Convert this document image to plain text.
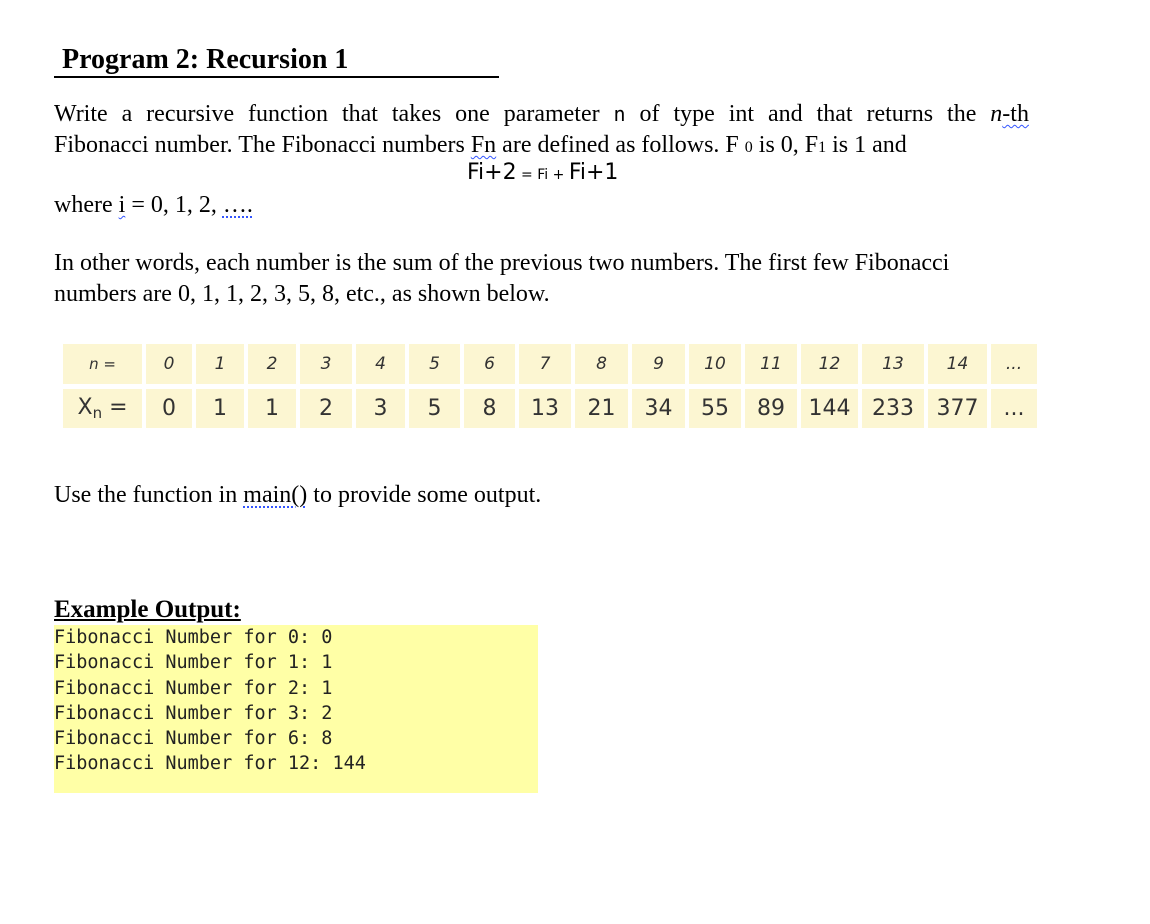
Program 2: Recursion 1
Write a recursive function that takes one parameter n of type int and that returns the n-th
Fibonacci number. The Fibonacci numbers Fn are defined as follows. F 0 is 0, F1 is 1 and
Fi+2 = Fi + Fi+1
where i = 0, 1, 2, ….
In other words, each number is the sum of the previous two numbers. The first few Fibonacci
numbers are 0, 1, 1, 2, 3, 5, 8, etc., as shown below.
n =	0	1	2	3	4	5	6	7	8	9	10	11	12	13	14	...
Xn =	0	1	1	2	3	5	8	13	21	34	55	89	144	233	377	...
Use the function in main() to provide some output.
Example Output:
Fibonacci Number for 0: 0
Fibonacci Number for 1: 1
Fibonacci Number for 2: 1
Fibonacci Number for 3: 2
Fibonacci Number for 6: 8
Fibonacci Number for 12: 144
